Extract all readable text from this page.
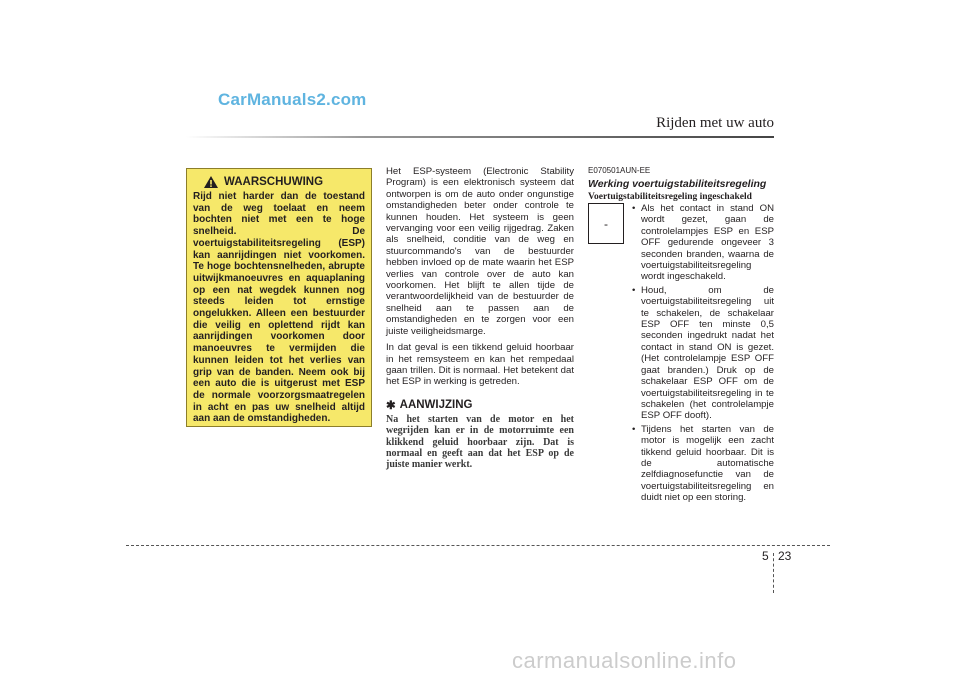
CarManuals2.com
Rijden met uw auto
WAARSCHUWING
Rijd niet harder dan de toestand van de weg toelaat en neem bochten niet met een te hoge snelheid. De voertuigstabiliteitsregeling (ESP) kan aanrijdingen niet voorkomen. Te hoge bochtensnelheden, abrupte uitwijkmanoeuvres en aquaplaning op een nat wegdek kunnen nog steeds leiden tot ernstige ongelukken. Alleen een bestuurder die veilig en oplettend rijdt kan aanrijdingen voorkomen door manoeuvres te vermijden die kunnen leiden tot het verlies van grip van de banden. Neem ook bij een auto die is uitgerust met ESP de normale voorzorgsmaatregelen in acht en pas uw snelheid altijd aan aan de omstandigheden.

Het ESP-systeem (Electronic Stability Program) is een elektronisch systeem dat ontworpen is om de auto onder ongunstige omstandigheden beter onder controle te kunnen houden. Het systeem is geen vervanging voor een veilig rijgedrag. Zaken als snelheid, conditie van de weg en stuurcommando's van de bestuurder hebben invloed op de mate waarin het ESP verlies van controle over de auto kan voorkomen. Het blijft te allen tijde de verantwoordelijkheid van de bestuurder de snelheid aan te passen aan de omstandigheden en te zorgen voor een juiste veiligheidsmarge.

In dat geval is een tikkend geluid hoorbaar in het remsysteem en kan het rempedaal gaan trillen. Dit is normaal. Het betekent dat het ESP in werking is getreden.

✱ AANWIJZING
Na het starten van de motor en het wegrijden kan er in de motorruimte een klikkend geluid hoorbaar zijn. Dat is normaal en geeft aan dat het ESP op de juiste manier werkt.
E070501AUN-EE
Werking voertuigstabiliteitsregeling
Voertuigstabiliteitsregeling ingeschakeld
-

• Als het contact in stand ON wordt gezet, gaan de controlelampjes ESP en ESP OFF gedurende ongeveer 3 seconden branden, waarna de voertuigstabiliteitsregeling wordt ingeschakeld.

• Houd, om de voertuigstabiliteitsregeling uit te schakelen, de schakelaar ESP OFF ten minste 0,5 seconden ingedrukt nadat het contact in stand ON is gezet. (Het controlelampje ESP OFF gaat branden.) Druk op de schakelaar ESP OFF om de voertuigstabiliteitsregeling in te schakelen (het controlelampje ESP OFF dooft).

• Tijdens het starten van de motor is mogelijk een zacht tikkend geluid hoorbaar. Dit is de automatische zelfdiagnosefunctie van de voertuigstabiliteitsregeling en duidt niet op een storing.

5 23
carmanualsonline.info
